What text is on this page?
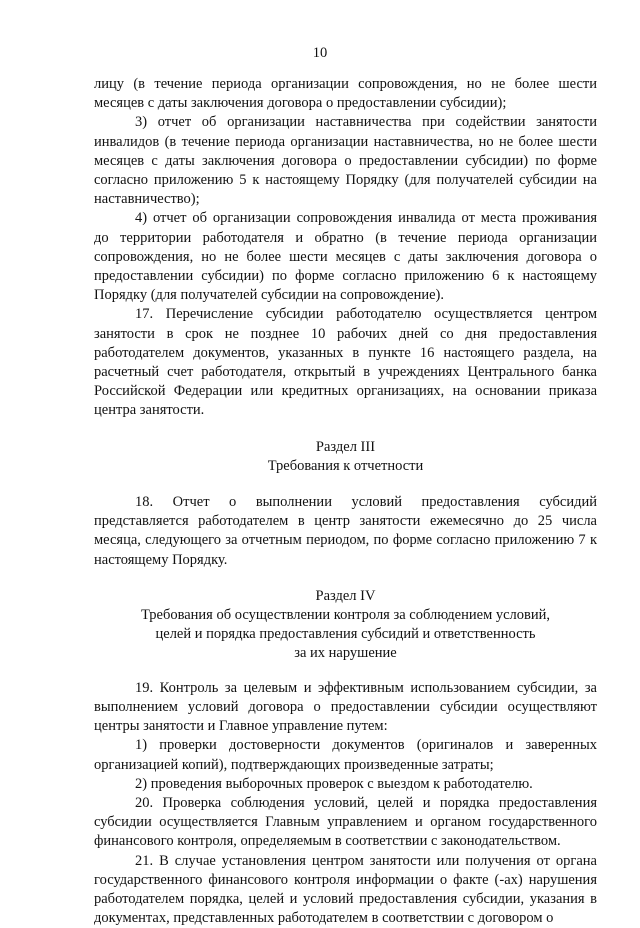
10

лицу (в течение периода организации сопровождения, но не более шести месяцев с даты заключения договора о предоставлении субсидии);

3) отчет об организации наставничества при содействии занятости инвалидов (в течение периода организации наставничества, но не более шести месяцев с даты заключения договора о предоставлении субсидии) по форме согласно приложению 5 к настоящему Порядку (для получателей субсидии на наставничество);

4) отчет об организации сопровождения инвалида от места проживания до территории работодателя и обратно (в течение периода организации сопровождения, но не более шести месяцев с даты заключения договора о предоставлении субсидии) по форме согласно приложению 6 к настоящему Порядку (для получателей субсидии на сопровождение).

17. Перечисление субсидии работодателю осуществляется центром занятости в срок не позднее 10 рабочих дней со дня предоставления работодателем документов, указанных в пункте 16 настоящего раздела, на расчетный счет работодателя, открытый в учреждениях Центрального банка Российской Федерации или кредитных организациях, на основании приказа центра занятости.

Раздел III
Требования к отчетности

18. Отчет о выполнении условий предоставления субсидий представляется работодателем в центр занятости ежемесячно до 25 числа месяца, следующего за отчетным периодом, по форме согласно приложению 7 к настоящему Порядку.

Раздел IV
Требования об осуществлении контроля за соблюдением условий,
целей и порядка предоставления субсидий и ответственность
за их нарушение

19. Контроль за целевым и эффективным использованием субсидии, за выполнением условий договора о предоставлении субсидии осуществляют центры занятости и Главное управление путем:

1) проверки достоверности документов (оригиналов и заверенных организацией копий), подтверждающих произведенные затраты;

2) проведения выборочных проверок с выездом к работодателю.

20. Проверка соблюдения условий, целей и порядка предоставления субсидии осуществляется Главным управлением и органом государственного финансового контроля, определяемым в соответствии с законодательством.

21. В случае установления центром занятости или получения от органа государственного финансового контроля информации о факте (-ах) нарушения работодателем порядка, целей и условий предоставления субсидии, указания в документах, представленных работодателем в соответствии с договором о
